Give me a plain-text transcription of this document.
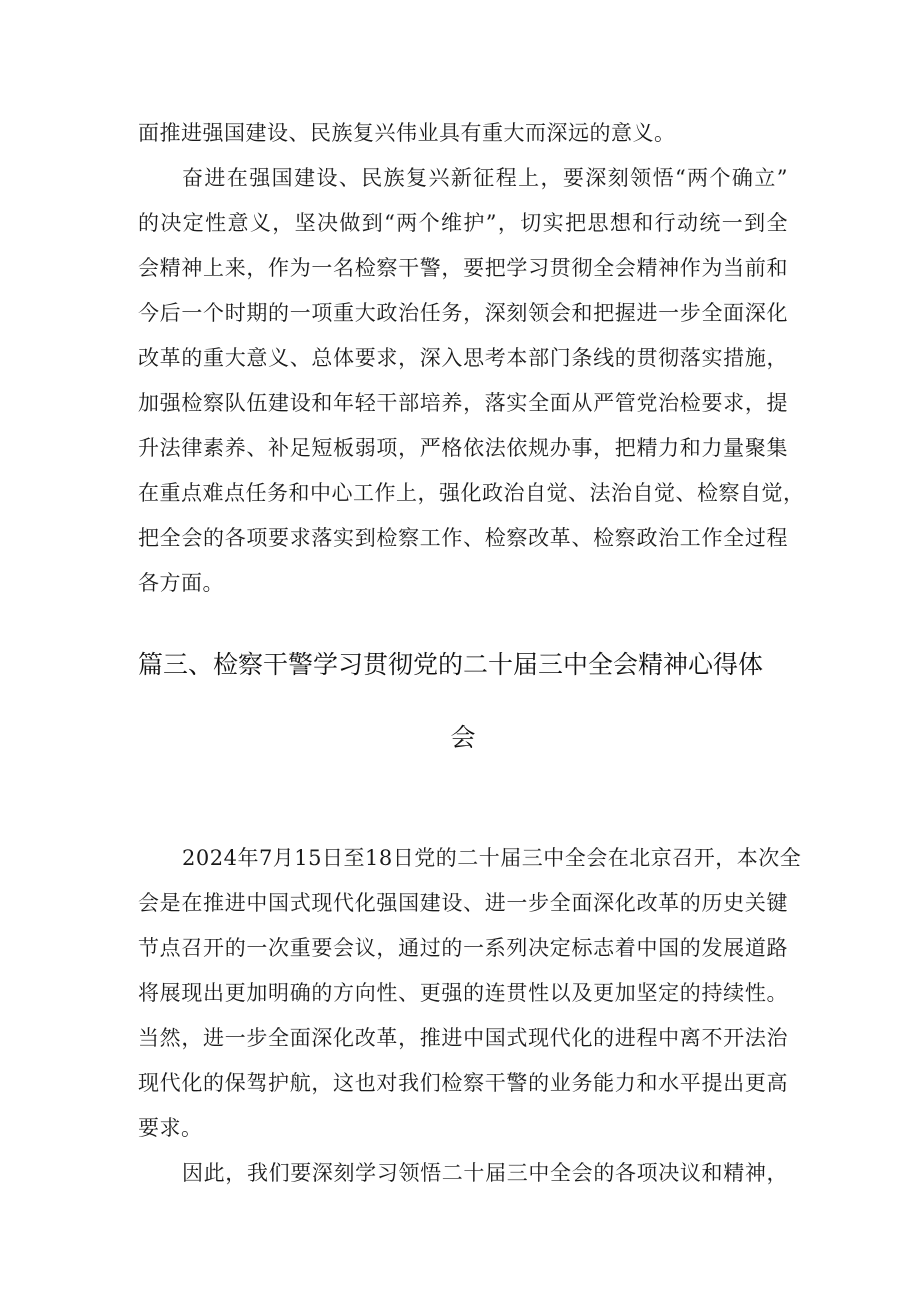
面推进强国建设、民族复兴伟业具有重大而深远的意义。
奋进在强国建设、民族复兴新征程上，要深刻领悟“两个确立”
的决定性意义，坚决做到“两个维护”，切实把思想和行动统一到全
会精神上来，作为一名检察干警，要把学习贯彻全会精神作为当前和
今后一个时期的一项重大政治任务，深刻领会和把握进一步全面深化
改革的重大意义、总体要求，深入思考本部门条线的贯彻落实措施，
加强检察队伍建设和年轻干部培养，落实全面从严管党治检要求，提
升法律素养、补足短板弱项，严格依法依规办事，把精力和力量聚集
在重点难点任务和中心工作上，强化政治自觉、法治自觉、检察自觉，
把全会的各项要求落实到检察工作、检察改革、检察政治工作全过程
各方面。
篇三、检察干警学习贯彻党的二十届三中全会精神心得体
会
2024年7月15日至18日党的二十届三中全会在北京召开，本次全
会是在推进中国式现代化强国建设、进一步全面深化改革的历史关键
节点召开的一次重要会议，通过的一系列决定标志着中国的发展道路
将展现出更加明确的方向性、更强的连贯性以及更加坚定的持续性。
当然，进一步全面深化改革，推进中国式现代化的进程中离不开法治
现代化的保驾护航，这也对我们检察干警的业务能力和水平提出更高
要求。
因此，我们要深刻学习领悟二十届三中全会的各项决议和精神，
